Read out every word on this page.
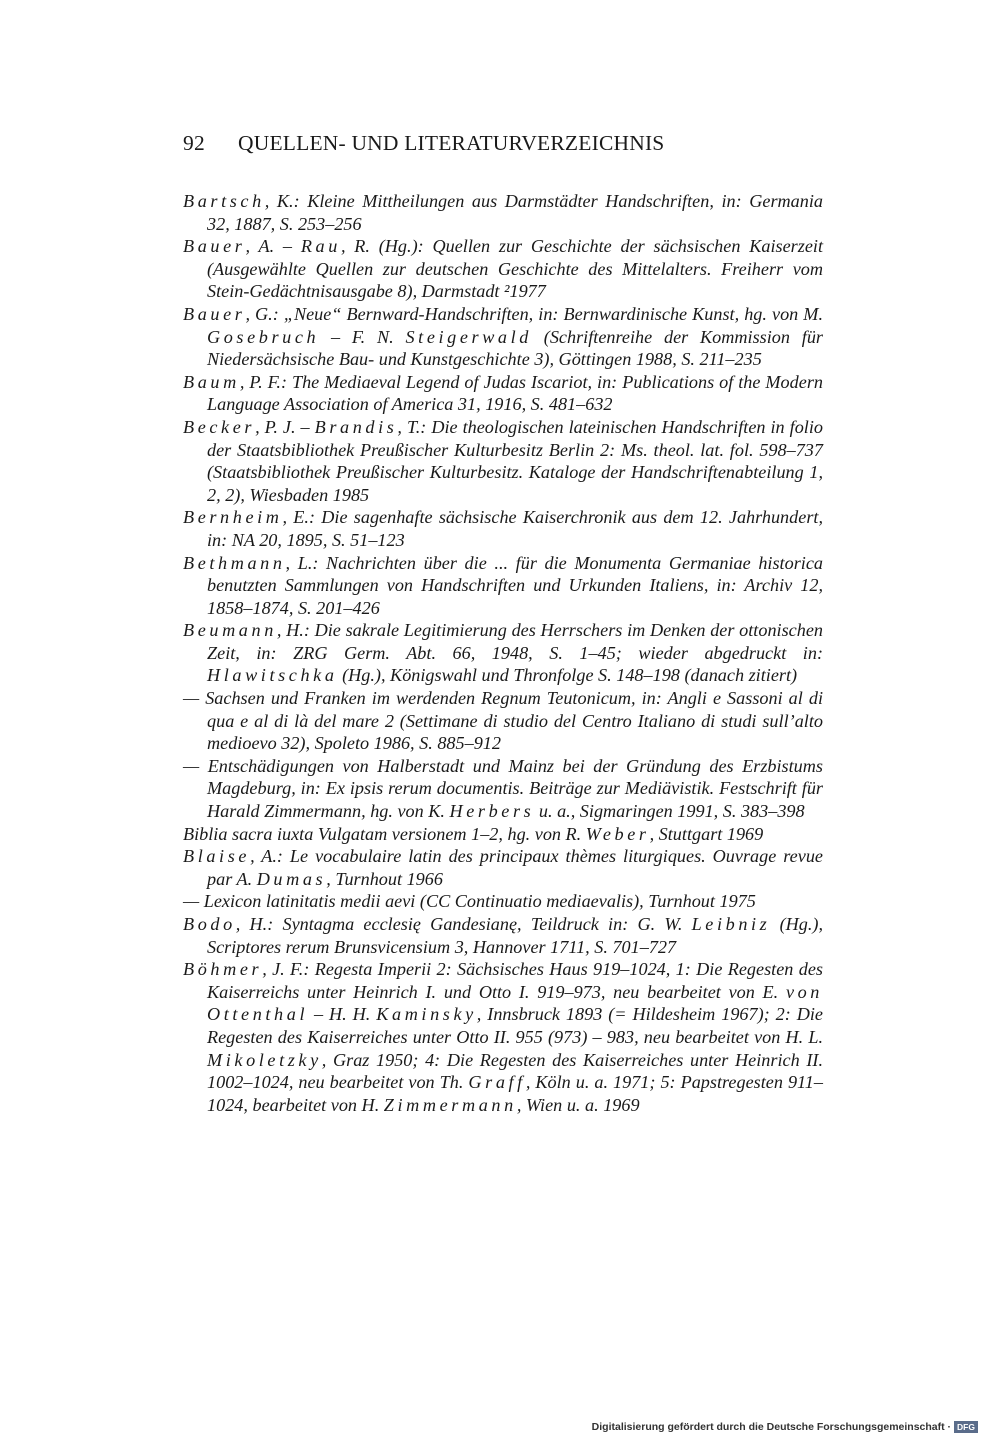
92	QUELLEN- UND LITERATURVERZEICHNIS

Bartsch, K.: Kleine Mittheilungen aus Darmstädter Handschriften, in: Germania 32, 1887, S. 253–256

Bauer, A. – Rau, R. (Hg.): Quellen zur Geschichte der sächsischen Kaiserzeit (Ausgewählte Quellen zur deutschen Geschichte des Mittelalters. Freiherr vom Stein-Gedächtnisausgabe 8), Darmstadt ²1977

Bauer, G.: „Neue“ Bernward-Handschriften, in: Bernwardinische Kunst, hg. von M. Gosebruch – F. N. Steigerwald (Schriftenreihe der Kommission für Niedersächsische Bau- und Kunstgeschichte 3), Göttingen 1988, S. 211–235

Baum, P. F.: The Mediaeval Legend of Judas Iscariot, in: Publications of the Modern Language Association of America 31, 1916, S. 481–632

Becker, P. J. – Brandis, T.: Die theologischen lateinischen Handschriften in folio der Staatsbibliothek Preußischer Kulturbesitz Berlin 2: Ms. theol. lat. fol. 598–737 (Staatsbibliothek Preußischer Kulturbesitz. Kataloge der Handschriftenabteilung 1, 2, 2), Wiesbaden 1985

Bernheim, E.: Die sagenhafte sächsische Kaiserchronik aus dem 12. Jahrhundert, in: NA 20, 1895, S. 51–123

Bethmann, L.: Nachrichten über die ... für die Monumenta Germaniae historica benutzten Sammlungen von Handschriften und Urkunden Italiens, in: Archiv 12, 1858–1874, S. 201–426

Beumann, H.: Die sakrale Legitimierung des Herrschers im Denken der ottonischen Zeit, in: ZRG Germ. Abt. 66, 1948, S. 1–45; wieder abgedruckt in: Hlawitschka (Hg.), Königswahl und Thronfolge S. 148–198 (danach zitiert)

— Sachsen und Franken im werdenden Regnum Teutonicum, in: Angli e Sassoni al di qua e al di là del mare 2 (Settimane di studio del Centro Italiano di studi sull’alto medioevo 32), Spoleto 1986, S. 885–912

— Entschädigungen von Halberstadt und Mainz bei der Gründung des Erzbistums Magdeburg, in: Ex ipsis rerum documentis. Beiträge zur Mediävistik. Festschrift für Harald Zimmermann, hg. von K. Herbers u. a., Sigmaringen 1991, S. 383–398

Biblia sacra iuxta Vulgatam versionem 1–2, hg. von R. Weber, Stuttgart 1969

Blaise, A.: Le vocabulaire latin des principaux thèmes liturgiques. Ouvrage revue par A. Dumas, Turnhout 1966

— Lexicon latinitatis medii aevi (CC Continuatio mediaevalis), Turnhout 1975

Bodo, H.: Syntagma ecclesię Gandesianę, Teildruck in: G. W. Leibniz (Hg.), Scriptores rerum Brunsvicensium 3, Hannover 1711, S. 701–727

Böhmer, J. F.: Regesta Imperii 2: Sächsisches Haus 919–1024, 1: Die Regesten des Kaiserreichs unter Heinrich I. und Otto I. 919–973, neu bearbeitet von E. von Ottenthal – H. H. Kaminsky, Innsbruck 1893 (= Hildesheim 1967); 2: Die Regesten des Kaiserreiches unter Otto II. 955 (973) – 983, neu bearbeitet von H. L. Mikoletzky, Graz 1950; 4: Die Regesten des Kaiserreiches unter Heinrich II. 1002–1024, neu bearbeitet von Th. Graff, Köln u. a. 1971; 5: Papstregesten 911–1024, bearbeitet von H. Zimmermann, Wien u. a. 1969

Digitalisierung gefördert durch die Deutsche Forschungsgemeinschaft · DFG
